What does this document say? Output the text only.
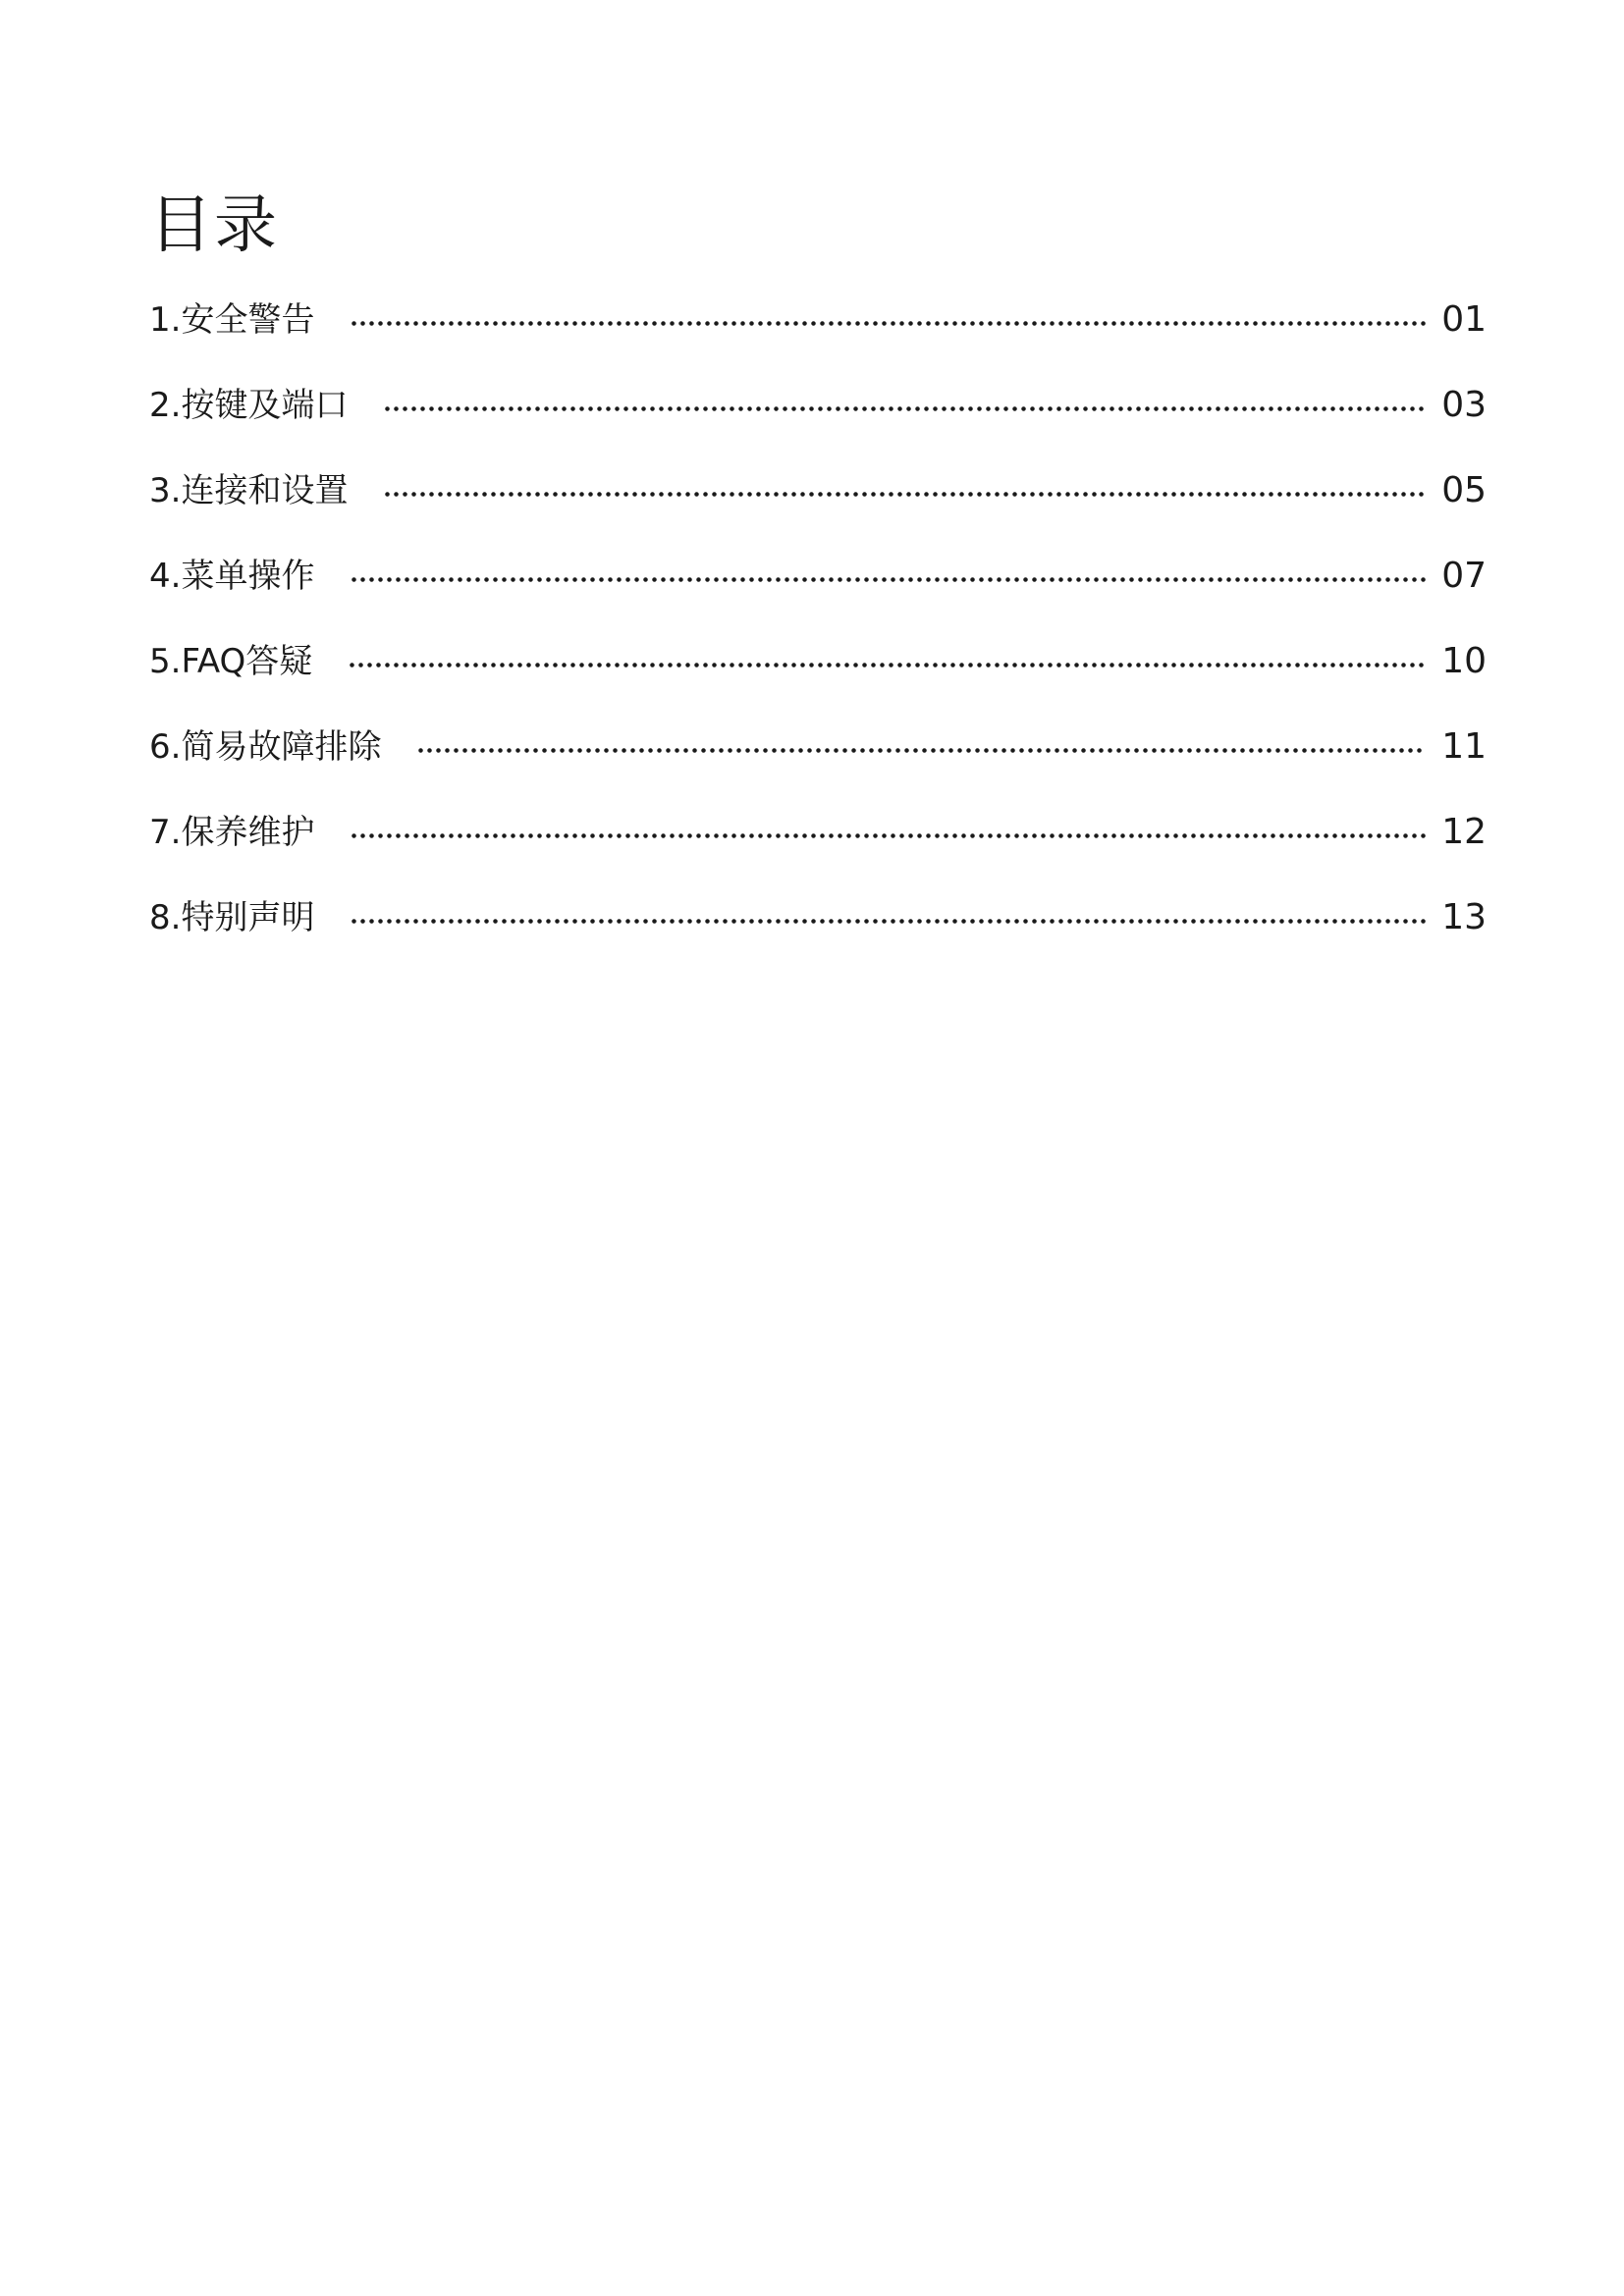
目录
1.安全警告	01
2.按键及端口	03
3.连接和设置	05
4.菜单操作	07
5.FAQ答疑	10
6.简易故障排除	11
7.保养维护	12
8.特别声明	13
